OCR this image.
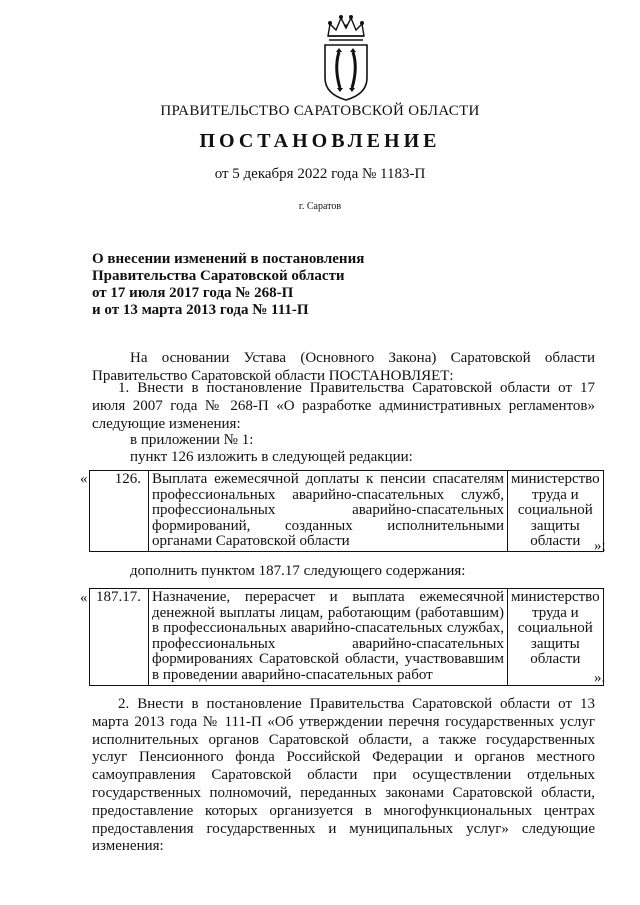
ПРАВИТЕЛЬСТВО САРАТОВСКОЙ ОБЛАСТИ
ПОСТАНОВЛЕНИЕ
от 5 декабря 2022 года № 1183-П
г. Саратов
О внесении изменений в постановления
Правительства Саратовской области
от 17 июля 2017 года № 268-П
и от 13 марта 2013 года № 111-П
На основании Устава (Основного Закона) Саратовской области Правительство Саратовской области ПОСТАНОВЛЯЕТ:
1. Внести в постановление Правительства Саратовской области от 17 июля 2007 года № 268-П «О разработке административных регламентов» следующие изменения:
в приложении № 1:
пункт 126 изложить в следующей редакции:
« 126.	Выплата ежемесячной доплаты к пенсии спасателям профессиональных аварийно-спасательных служб, профессиональных аварийно-спасательных формирований, созданных исполнительными органами Саратовской области	министерство труда и социальной защиты области »;
дополнить пунктом 187.17 следующего содержания:
« 187.17.	Назначение, перерасчет и выплата ежемесячной денежной выплаты лицам, работающим (работавшим) в профессиональных аварийно-спасательных службах, профессиональных аварийно-спасательных формированиях Саратовской области, участвовавшим в проведении аварийно-спасательных работ	министерство труда и социальной защиты области
».
2. Внести в постановление Правительства Саратовской области от 13 марта 2013 года № 111-П «Об утверждении перечня государственных услуг исполнительных органов Саратовской области, а также государственных услуг Пенсионного фонда Российской Федерации и органов местного самоуправления Саратовской области при осуществлении отдельных государственных полномочий, переданных законами Саратовской области, предоставление которых организуется в многофункциональных центрах предоставления государственных и муниципальных услуг» следующие изменения:
